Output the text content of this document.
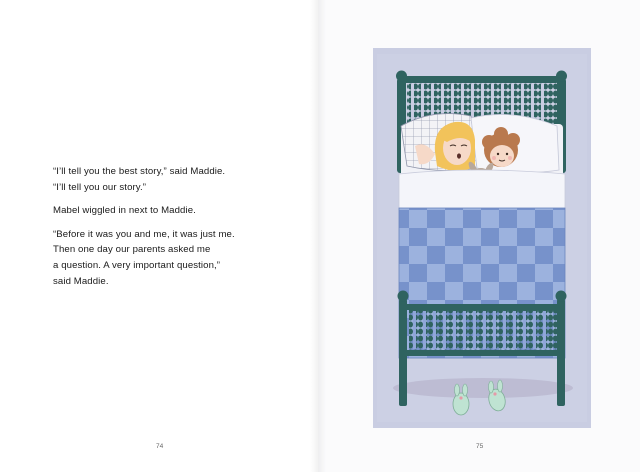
“I’ll tell you the best story,” said Maddie.
“I’ll tell you our story.”

Mabel wiggled in next to Maddie.

“Before it was you and me, it was just me.
Then one day our parents asked me
a question. A very important question,”
said Maddie.

74	75
